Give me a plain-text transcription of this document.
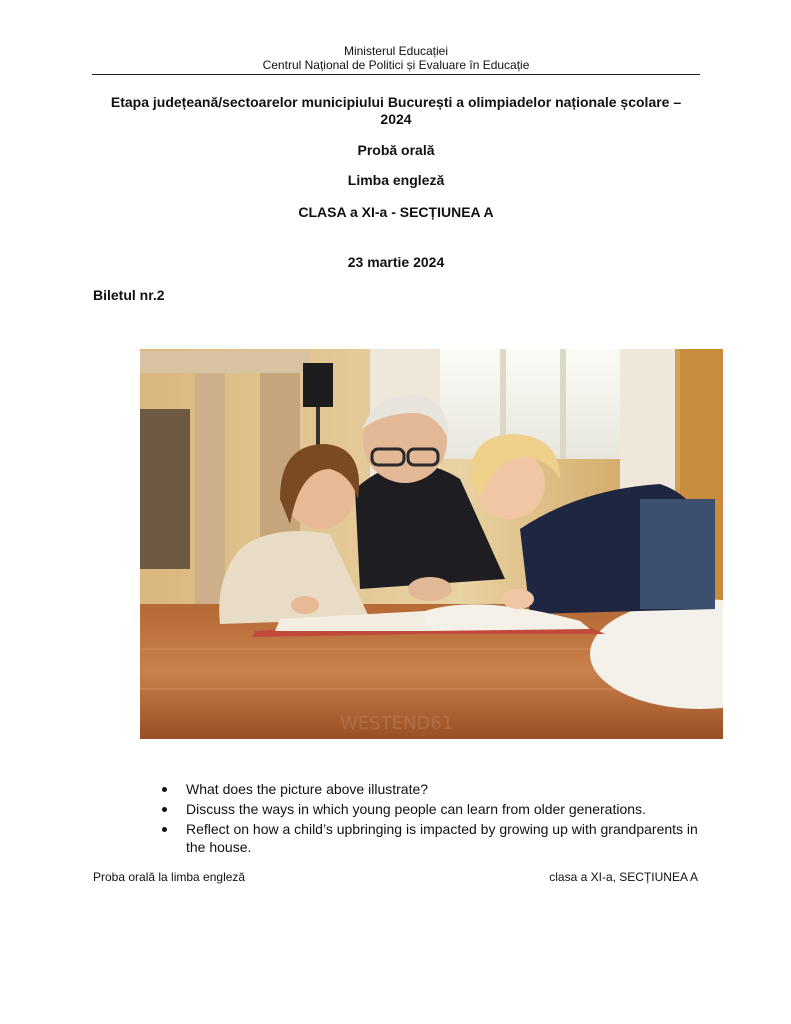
Ministerul Educației
Centrul Național de Politici și Evaluare în Educație
Etapa județeană/sectoarelor municipiului București a olimpiadelor naționale școlare –
2024
Probă orală
Limba engleză
CLASA a XI-a - SECȚIUNEA A
23 martie 2024
Biletul nr.2
WESTEND61
What does the picture above illustrate?
Discuss the ways in which young people can learn from older generations.
Reflect on how a child’s upbringing is impacted by growing up with grandparents in the house.
Proba orală la limba engleză	clasa a XI-a, SECȚIUNEA A
